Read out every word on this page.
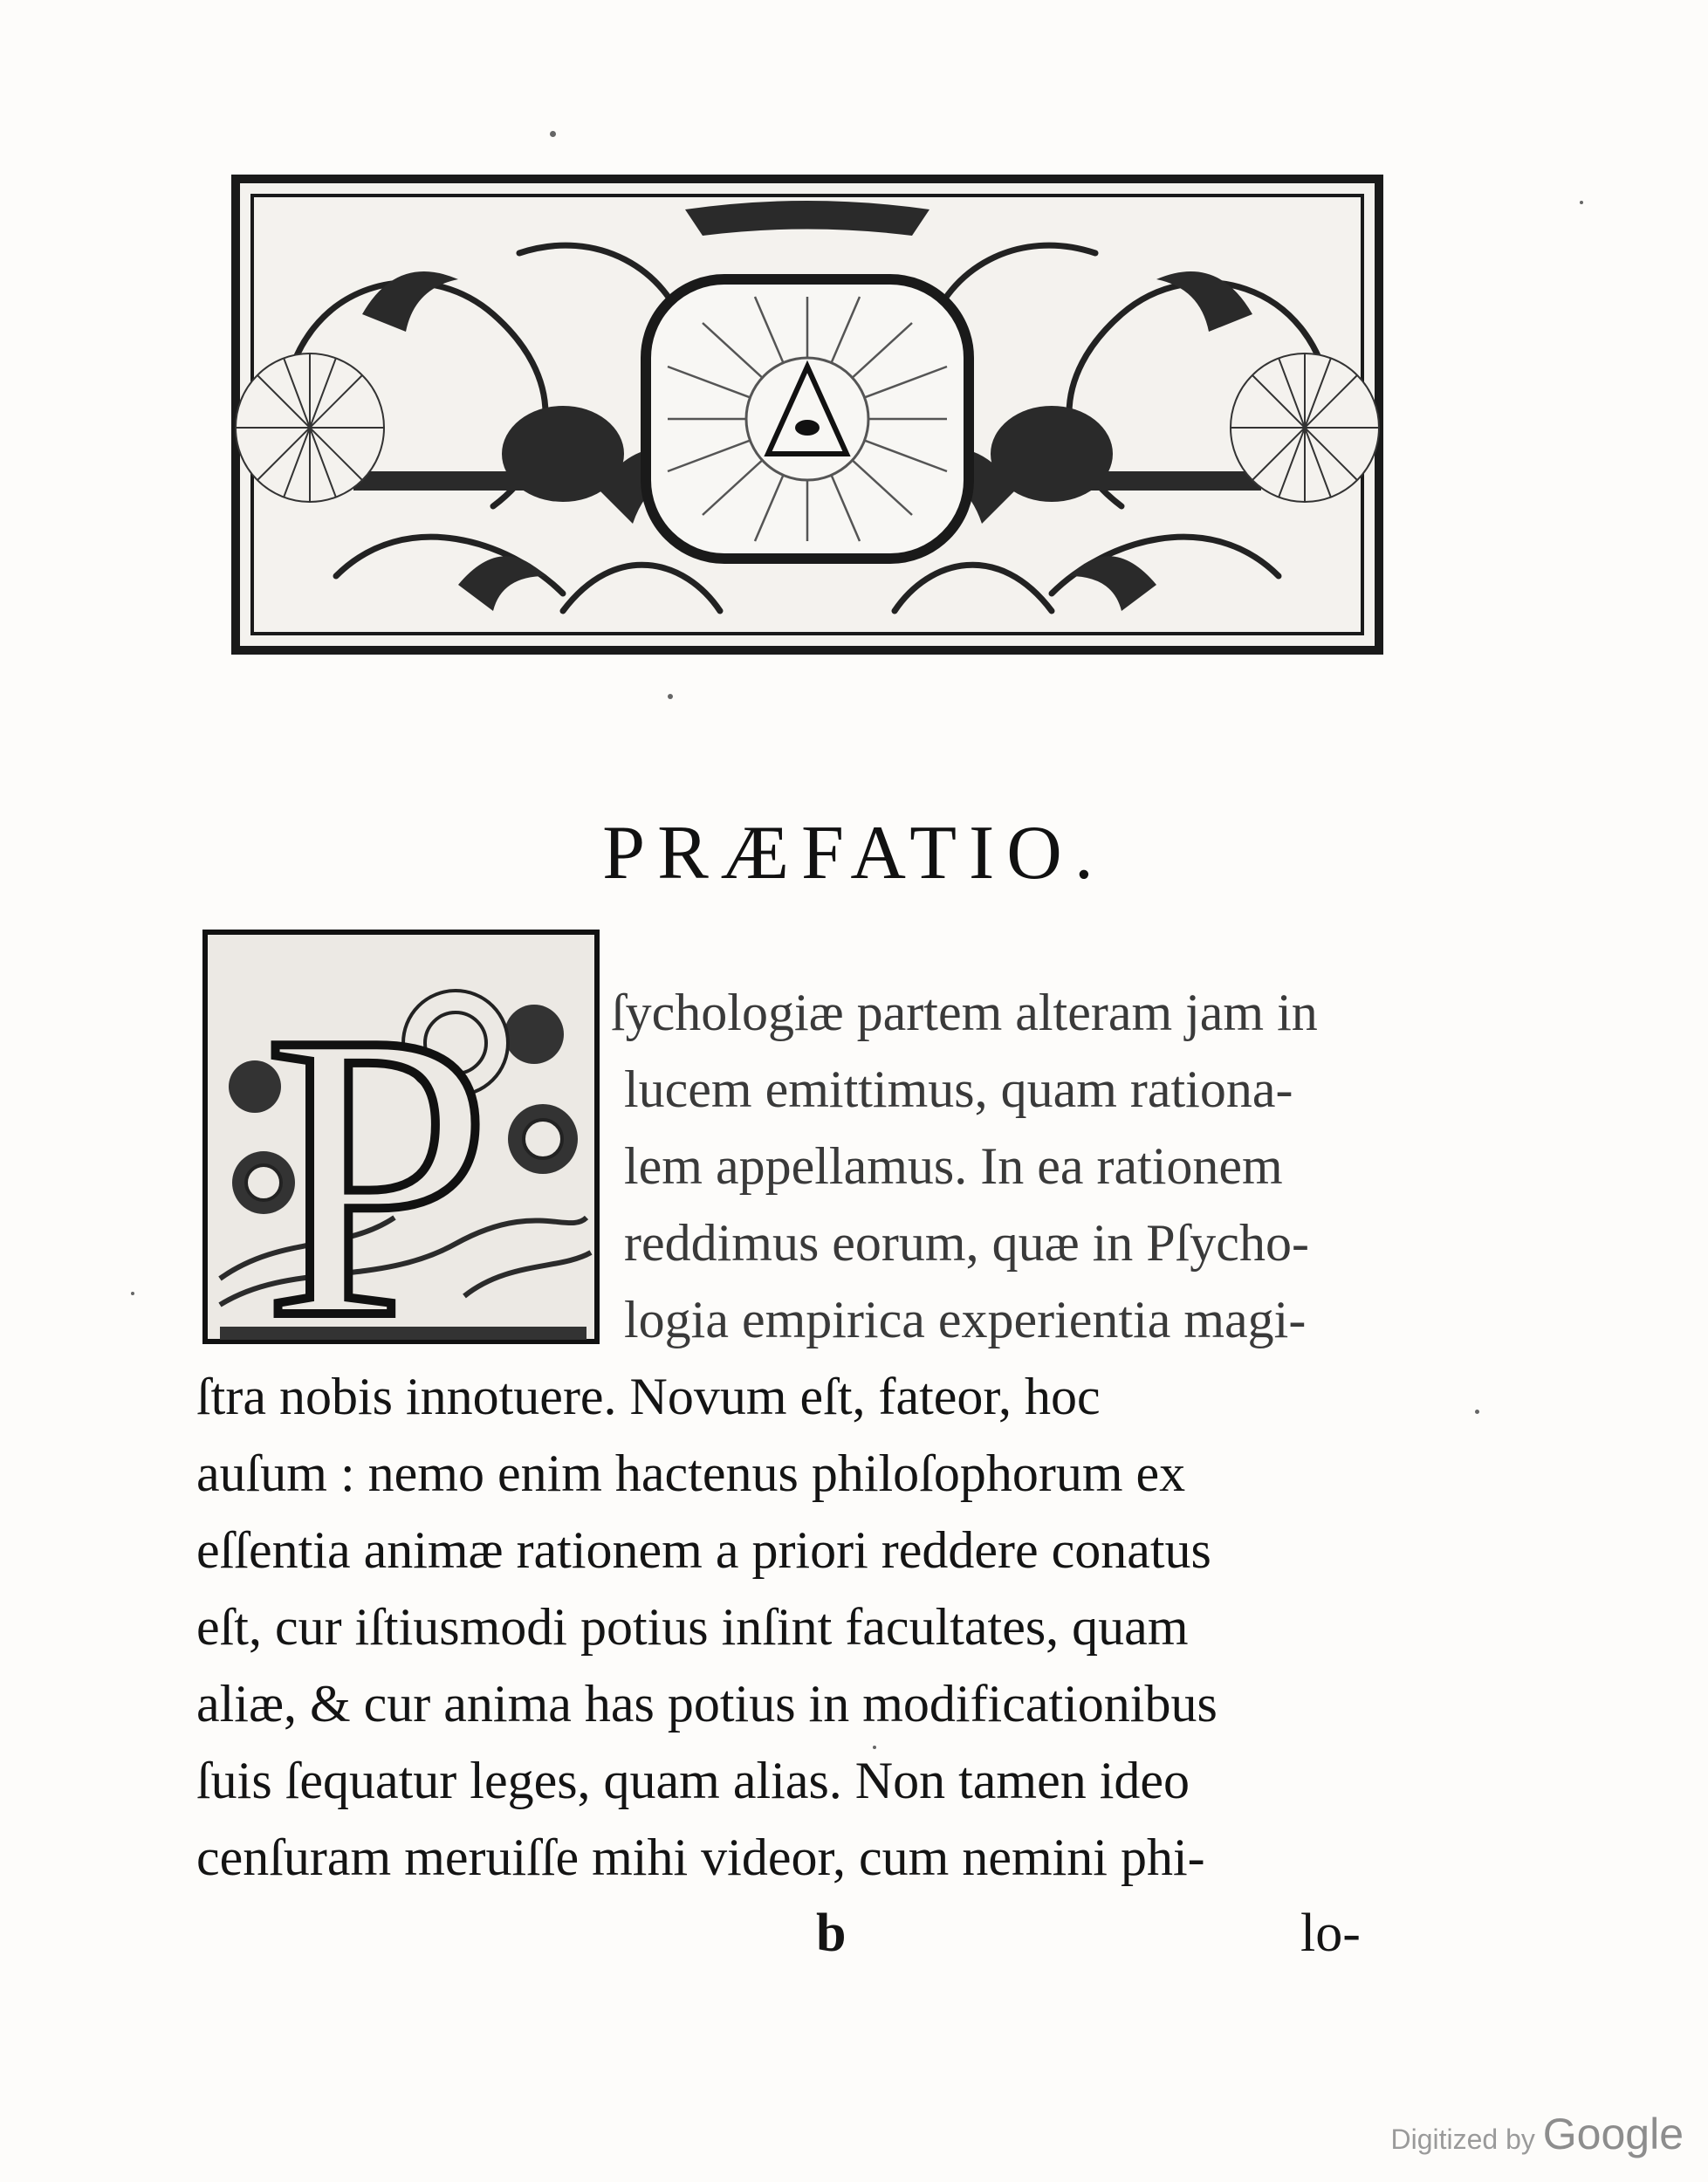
PRÆFATIO.
P ſychologiæ partem alteram jam in
lucem emittimus, quam rationa-
lem appellamus. In ea rationem
reddimus eorum, quæ in Pſycho-
logia empirica experientia magi-
ſtra nobis innotuere. Novum eſt, fateor, hoc
auſum : nemo enim hactenus philoſophorum ex
eſſentia animæ rationem a priori reddere conatus
eſt, cur iſtiusmodi potius inſint facultates, quam
aliæ, & cur anima has potius in modificationibus
ſuis ſequatur leges, quam alias. Non tamen ideo
cenſuram meruiſſe mihi videor, cum nemini phi-
b	lo-
Digitized by Google
